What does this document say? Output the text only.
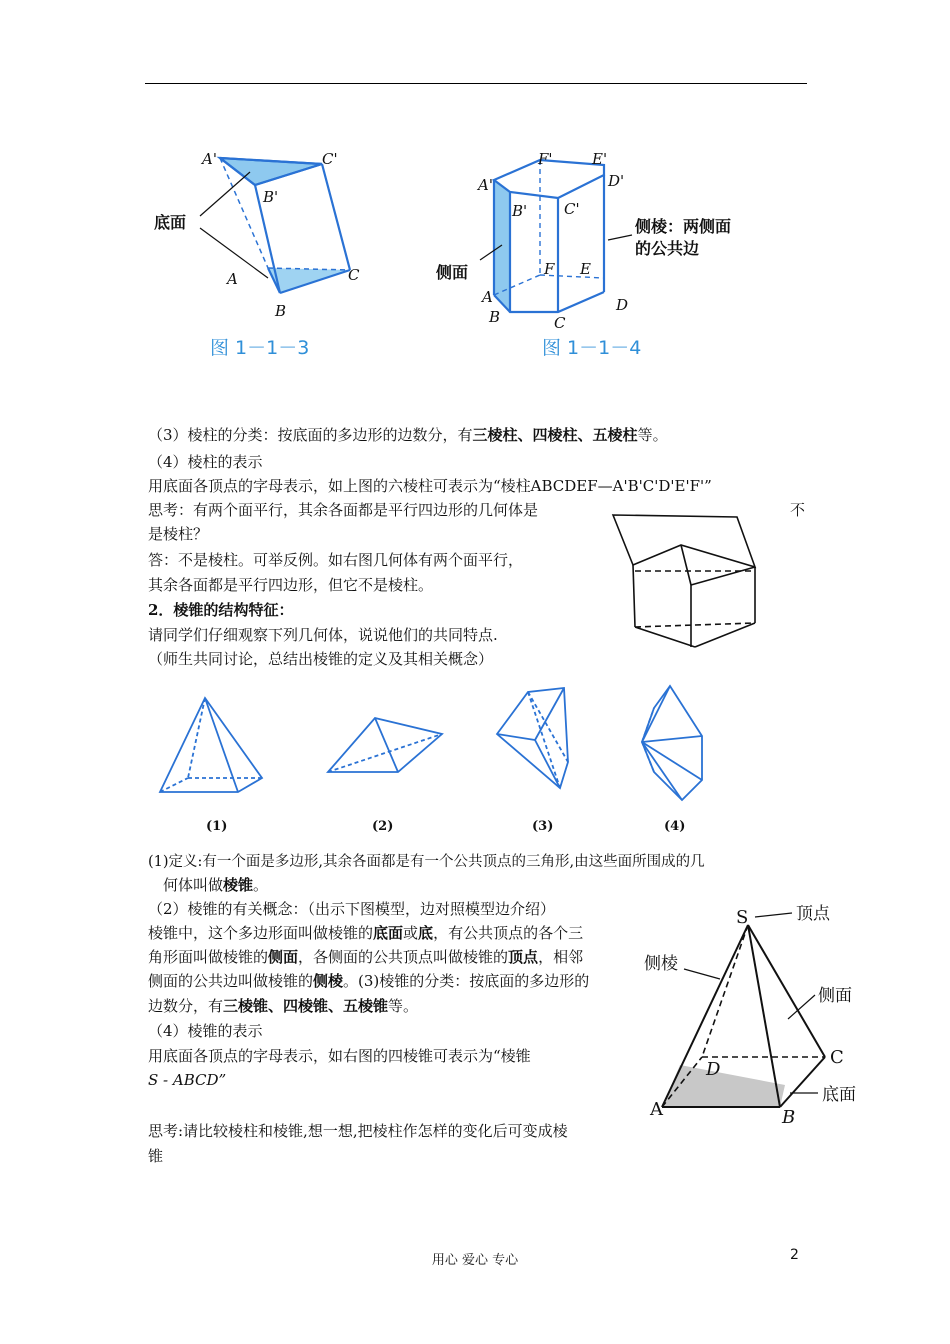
底面
A'	C'
B'
A	C
B
图 1－1－3
侧面
侧棱：两侧面
的公共边
F'	E'
A'	D'
B' C'
F E
A
B	C
D
图 1－1－4
（3）棱柱的分类：按底面的多边形的边数分，有三棱柱、四棱柱、五棱柱等。
（4）棱柱的表示
用底面各顶点的字母表示，如上图的六棱柱可表示为“棱柱ABCDEF—A'B'C'D'E'F'”
思考：有两个面平行，其余各面都是平行四边形的几何体是	不
是棱柱？
答：不是棱柱。可举反例。如右图几何体有两个面平行，
其余各面都是平行四边形，但它不是棱柱。
2．棱锥的结构特征：
请同学们仔细观察下列几何体，说说他们的共同特点.
（师生共同讨论，总结出棱锥的定义及其相关概念）
(1)	(2)	(3)	(4)
(1)定义:有一个面是多边形,其余各面都是有一个公共顶点的三角形,由这些面所围成的几
何体叫做棱锥。
（2）棱锥的有关概念：（出示下图模型，边对照模型边介绍）
棱锥中，这个多边形面叫做棱锥的底面或底，有公共顶点的各个三
角形面叫做棱锥的侧面，各侧面的公共顶点叫做棱锥的顶点，相邻
侧面的公共边叫做棱锥的侧棱。(3)棱锥的分类：按底面的多边形的
边数分，有三棱锥、四棱锥、五棱锥等。
（4）棱锥的表示
用底面各顶点的字母表示，如右图的四棱锥可表示为“棱锥
S - ABCD”
思考:请比较棱柱和棱锥,想一想,把棱柱作怎样的变化后可变成棱
锥
S	顶点
侧棱
侧面
C
D
A	B
底面
用心 爱心 专心	2
